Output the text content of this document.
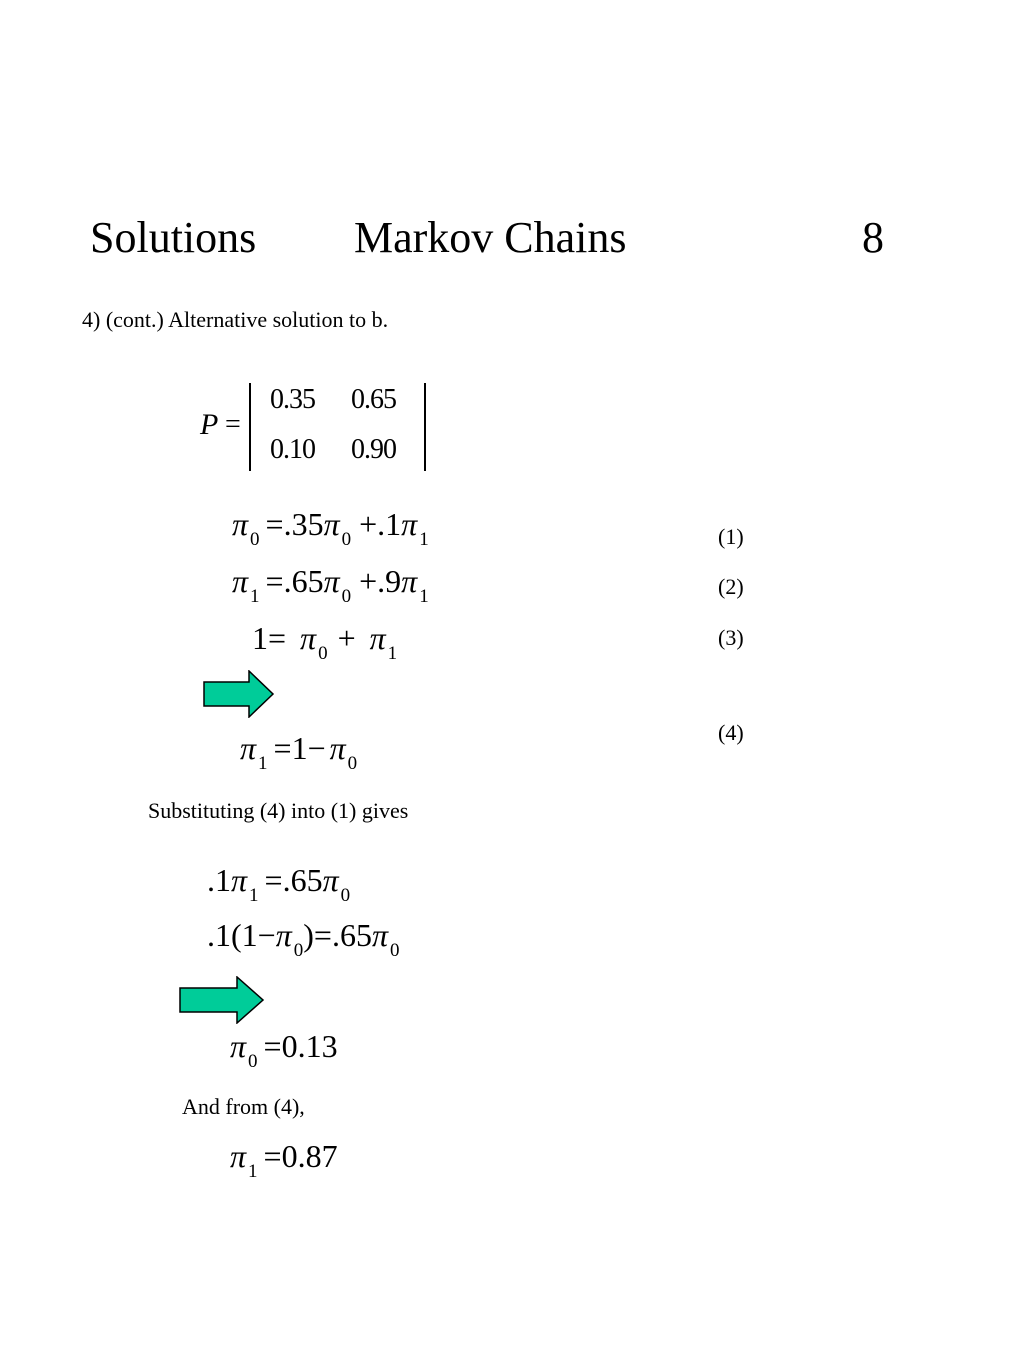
Solutions Markov Chains	8
4) (cont.) Alternative solution to b.
P =
0.35 0.65
0.10 0.90
π $_0$ =.35π $_0$ +.1π $_1$	(1)
π $_1$ =.65π $_0$ +.9π $_1$	(2)
1= π $_0$ + π $_1$
(3)
π $_1$ =1− π $_0$
(4)
Substituting (4) into (1) gives
.1π $_1$ =.65π $_0$
.1(1−π $_0$)=.65π $_0$
π $_0$ =0.13
And from (4),
π $_1$ =0.87
